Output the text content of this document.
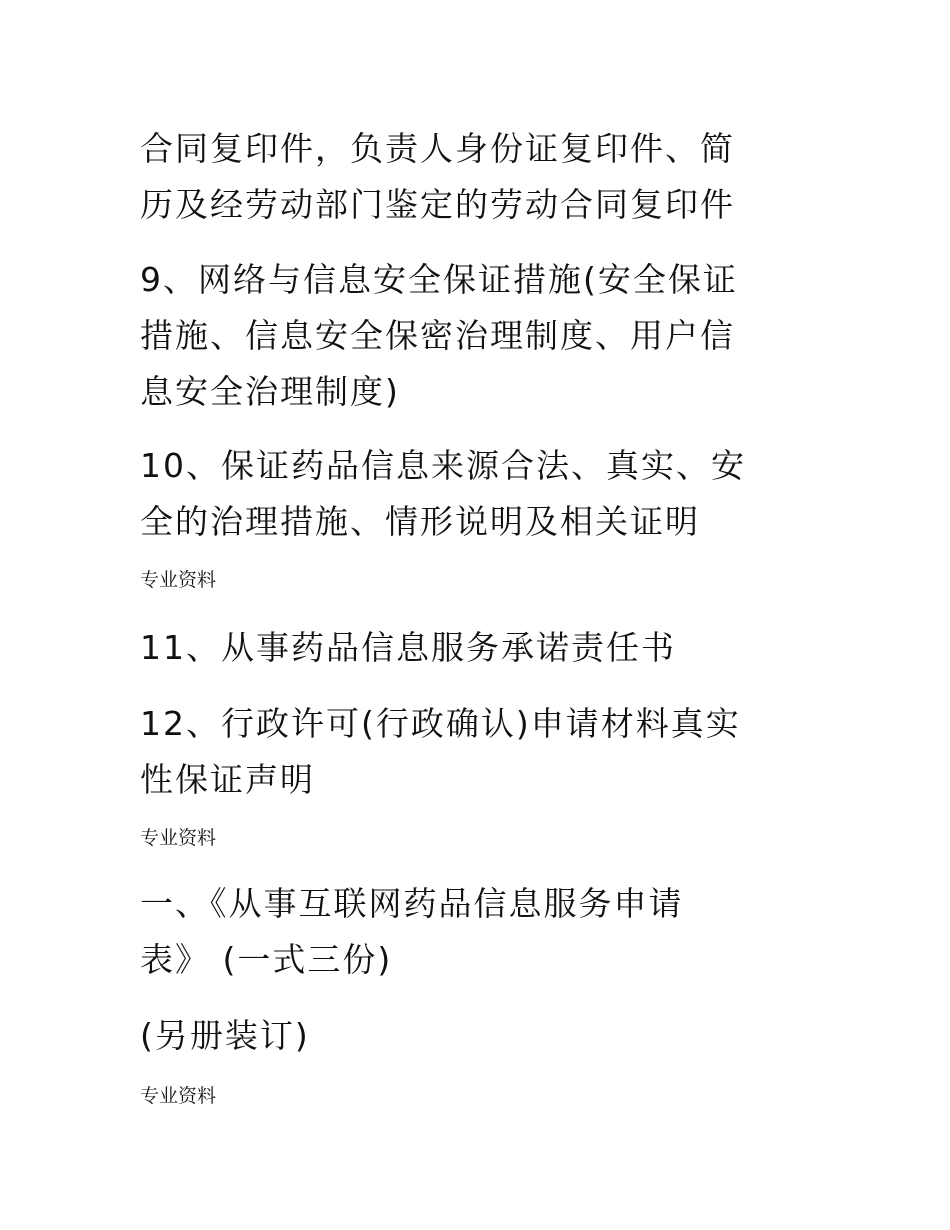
合同复印件，负责人身份证复印件、简
历及经劳动部门鉴定的劳动合同复印件
9、网络与信息安全保证措施(安全保证
措施、信息安全保密治理制度、用户信
息安全治理制度)
10、保证药品信息来源合法、真实、安
全的治理措施、情形说明及相关证明

专业资料

11、从事药品信息服务承诺责任书
12、行政许可(行政确认)申请材料真实
性保证声明

专业资料

一、《从事互联网药品信息服务申请
表》 (一式三份)
(另册装订)

专业资料
